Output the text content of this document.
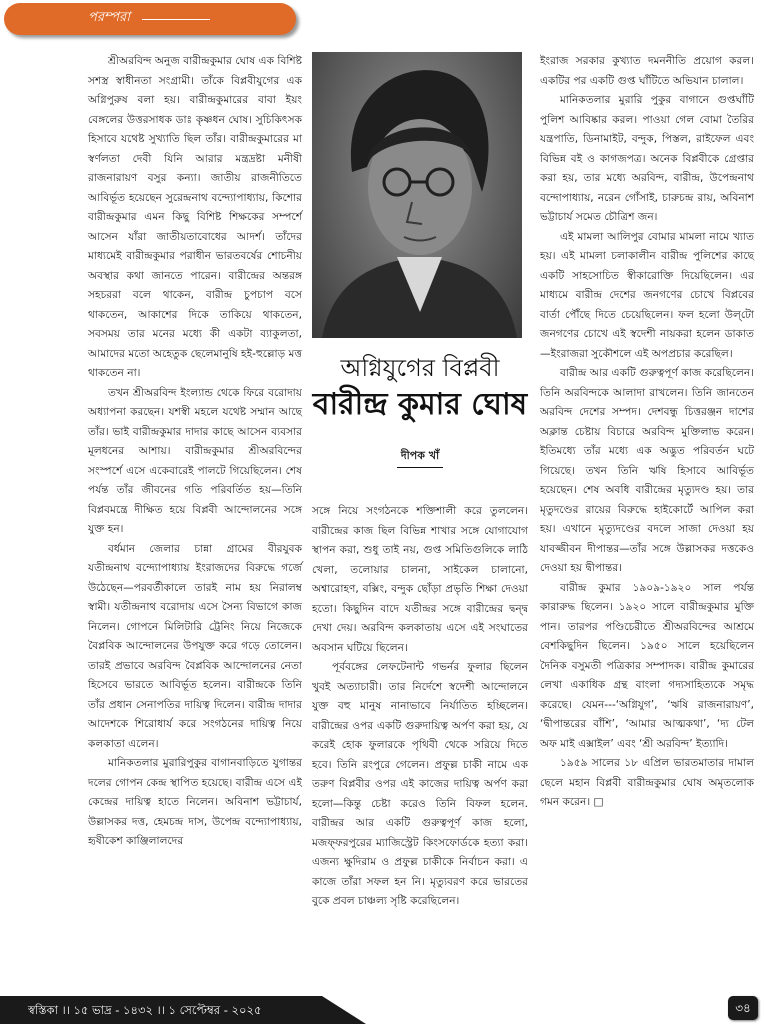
পরম্পরা

শ্রীঅরবিন্দ অনুজ বারীন্দ্রকুমার ঘোষ এক বিশিষ্ট সশস্ত্র স্বাধীনতা সংগ্রামী। তাঁকে বিপ্লবীযুগের এক অগ্নিপুরুষ বলা হয়। বারীন্দ্রকুমারের বাবা ইয়ং বেঙ্গলের উত্তরসাধক ডাঃ কৃষ্ণধন ঘোষ। সুচিকিৎসক হিসাবে যথেষ্ট সুখ্যাতি ছিল তাঁর। বারীন্দ্রকুমারের মা স্বর্ণলতা দেবী যিনি আরার মন্ত্রদ্রষ্টা মনীষী রাজনারায়ণ বসুর কন্যা। জাতীয় রাজনীতিতে আবির্ভূত হয়েছেন সুরেন্দ্রনাথ বন্দ্যোপাধ্যায়, কিশোর বারীন্দ্রকুমার এমন কিছু বিশিষ্ট শিক্ষকের সম্পর্শে আসেন যাঁরা জাতীয়তাবোধের আদর্শ। তাঁদের মাধ্যমেই বারীন্দ্রকুমার পরাধীন ভারতবর্ষের শোচনীয় অবস্থার কথা জানতে পারেন। বারীন্দ্রের অন্তরঙ্গ সহচররা বলে থাকেন, বারীন্দ্র চুপচাপ বসে থাকতেন, আকাশের দিকে তাকিয়ে থাকতেন, সবসময় তার মনের মধ্যে কী একটা ব্যাকুলতা, আমাদের মতো অহেতুক ছেলেমানুষি হই-হুল্লোড় মত্ত থাকতেন না।

তখন শ্রীঅরবিন্দ ইংল্যান্ড থেকে ফিরে বরোদায় অধ্যাপনা করছেন। যশস্বী মহলে যথেষ্ট সম্মান আছে তাঁর। ভাই বারীন্দ্রকুমার দাদার কাছে আসেন ব্যবসার মূলধনের আশায়। বারীন্দ্রকুমার শ্রীঅরবিন্দের সংস্পর্শে এসে একেবারেই পালটে গিয়েছিলেন। শেষ পর্যন্ত তাঁর জীবনের গতি পরিবর্তিত হয়—তিনি বিপ্লবমন্ত্রে দীক্ষিত হয়ে বিপ্লবী আন্দোলনের সঙ্গে যুক্ত হন।

বর্ধমান জেলার চান্না গ্রামের বীরযুবক যতীন্দ্রনাথ বন্দ্যোপাধ্যায় ইংরাজদের বিরুদ্ধে গর্জে উঠেছেন—পরবর্তীকালে তারই নাম হয় নিরালম্ব স্বামী। যতীন্দ্রনাথ বরোদায় এসে সৈন্য বিভাগে কাজ নিলেন। গোপনে মিলিটারি ট্রেনিং নিয়ে নিজেকে বৈপ্লবিক আন্দোলনের উপযুক্ত করে গড়ে তোলেন। তারই প্রভাবে অরবিন্দ বৈপ্লবিক আন্দোলনের নেতা হিসেবে ভারতে আবির্ভূত হলেন। বারীন্দ্রকে তিনি তাঁর প্রধান সেনাপতির দায়িত্ব দিলেন। বারীন্দ্র দাদার আদেশকে শিরোধার্য করে সংগঠনের দায়িত্ব নিয়ে কলকাতা এলেন।

মানিকতলার মুরারিপুকুর বাগানবাড়িতে যুগান্তর দলের গোপন কেন্দ্র স্থাপিত হয়েছে। বারীন্দ্র এসে এই কেন্দ্রের দায়িত্ব হাতে নিলেন। অবিনাশ ভট্টাচার্য, উল্লাসকর দত্ত, হেমচন্দ্র দাস, উপেন্দ্র বন্দ্যোপাধ্যায়, হৃষীকেশ কাঞ্জিলালদের

অগ্নিযুগের বিপ্লবী
বারীন্দ্র কুমার ঘোষ
দীপক খাঁ

সঙ্গে নিয়ে সংগঠনকে শক্তিশালী করে তুললেন। বারীন্দ্রের কাজ ছিল বিভিন্ন শাখার সঙ্গে যোগাযোগ স্থাপন করা, শুধু তাই নয়, গুপ্ত সমিতিগুলিকে লাঠি খেলা, তলোয়ার চালনা, সাইকেল চালানো, অশ্বারোহণ, বক্সিং, বন্দুক ছোঁড়া প্রভৃতি শিক্ষা দেওয়া হতো। কিছুদিন বাদে যতীন্দ্রর সঙ্গে বারীন্দ্রের দ্বন্দ্ব দেখা দেয়। অরবিন্দ কলকাতায় এসে এই সংঘাতের অবসান ঘটিয়ে ছিলেন।

পূর্ববঙ্গের লেফটেনান্ট গভর্নর ফুলার ছিলেন খুবই অত্যাচারী। তার নির্দেশে স্বদেশী আন্দোলনে যুক্ত বহু মানুষ নানাভাবে নির্যাতিত হচ্ছিলেন। বারীন্দ্রের ওপর একটি গুরুদায়িত্ব অর্পণ করা হয়, যে করেই হোক ফুলারকে পৃথিবী থেকে সরিয়ে দিতে হবে। তিনি রংপুরে গেলেন। প্রফুল্ল চাকী নামে এক তরুণ বিপ্লবীর ওপর এই কাজের দায়িত্ব অর্পণ করা হলো—কিন্তু চেষ্টা করেও তিনি বিফল হলেন. বারীন্দ্রর আর একটি গুরুত্বপূর্ণ কাজ হলো, মজফ্‌ফরপুরের ম্যাজিস্ট্রেট কিংসফোর্ডকে হত্যা করা। এজন্য ক্ষুদিরাম ও প্রফুল্ল চাকীকে নির্বাচন করা। এ কাজে তাঁরা সফল হন নি। মৃত্যুবরণ করে ভারতের বুকে প্রবল চাঞ্চল্য সৃষ্টি করেছিলেন।

ইংরাজ সরকার কুখ্যাত দমননীতি প্রয়োগ করল। একটির পর একটি গুপ্ত ঘাঁটিতে অভিযান চালাল।

মানিকতলার মুরারি পুকুর বাগানে গুপ্তঘাঁটি পুলিশ আবিষ্কার করল। পাওয়া গেল বোমা তৈরির যন্ত্রপাতি, ডিনামাইট, বন্দুক, পিস্তল, রাইফেল এবং বিভিন্ন বই ও কাগজপত্র। অনেক বিপ্লবীকে গ্রেপ্তার করা হয়, তার মধ্যে অরবিন্দ, বারীন্দ্র, উপেন্দ্রনাথ বন্দোপাধ্যায়, নরেন গোঁসাই, চারুচন্দ্র রায়, অবিনাশ ভট্টাচার্য সমেত চৌত্রিশ জন।

এই মামলা আলিপুর বোমার মামলা নামে খ্যাত হয়। এই মামলা চলাকালীন বারীন্দ্র পুলিশের কাছে একটি সাহসোচিত স্বীকারোক্তি দিয়েছিলেন। এর মাধ্যমে বারীন্দ্র দেশের জনগণের চোখে বিপ্লবের বার্তা পৌঁছে দিতে চেয়েছিলেন। ফল হলো উল্‌টো জনগণের চোখে এই স্বদেশী নায়করা হলেন ডাকাত—ইংরাজরা সুকৌশলে এই অপপ্রচার করেছিল।

বারীন্দ্র আর একটি গুরুত্বপূর্ণ কাজ করেছিলেন। তিনি অরবিন্দকে আলাদা রাখলেন। তিনি জানতেন অরবিন্দ দেশের সম্পদ। দেশবন্ধু চিত্তরঞ্জন দাশের অক্লান্ত চেষ্টায় বিচারে অরবিন্দ মুক্তিলাভ করেন। ইতিমধ্যে তাঁর মধ্যে এক অদ্ভুত পরিবর্তন ঘটে গিয়েছে। তখন তিনি ঋষি হিসাবে আবির্ভূত হয়েছেন। শেষ অবধি বারীন্দ্রের মৃত্যুদণ্ড হয়। তার মৃতুদণ্ডের রায়ের বিরুদ্ধে হাইকোর্টে আপিল করা হয়। এখানে মৃত্যুদণ্ডের বদলে সাজা দেওয়া হয় যাবজ্জীবন দীপান্তর—তাঁর সঙ্গে উল্লাসকর দত্তকেও দেওয়া হয় দ্বীপান্তর।

বারীন্দ্র কুমার ১৯০৯-১৯২০ সাল পর্যন্ত কারারুদ্ধ ছিলেন। ১৯২০ সালে বারীন্দ্রকুমার মুক্তি পান। তারপর পণ্ডিচেরীতে শ্রীঅরবিন্দের আশ্রমে বেশকিছুদিন ছিলেন। ১৯৫০ সালে হয়েছিলেন দৈনিক বসুমতী পত্রিকার সম্পাদক। বারীন্দ্র কুমারের লেখা একাধিক গ্রন্থ বাংলা গদ্যসাহিত্যকে সমৃদ্ধ করেছে। যেমন---‘অগ্নিযুগ’, ‘ঋষি রাজনারায়ণ’, ‘দ্বীপান্তরের বাঁশি’, ‘আমার আত্মকথা’, ‘দ্য টেল অফ মাই এক্সাইল’ এবং ‘শ্রী অরবিন্দ’ ইত্যাদি।

১৯৫৯ সালের ১৮ এপ্রিল ভারতমাতার দামাল ছেলে মহান বিপ্লবী বারীন্দ্রকুমার ঘোষ অমৃতলোক গমন করেন। □

স্বস্তিকা ।। ১৫ ভাদ্র - ১৪৩২ ।। ১ সেপ্টেম্বর - ২০২৫	৩৪
